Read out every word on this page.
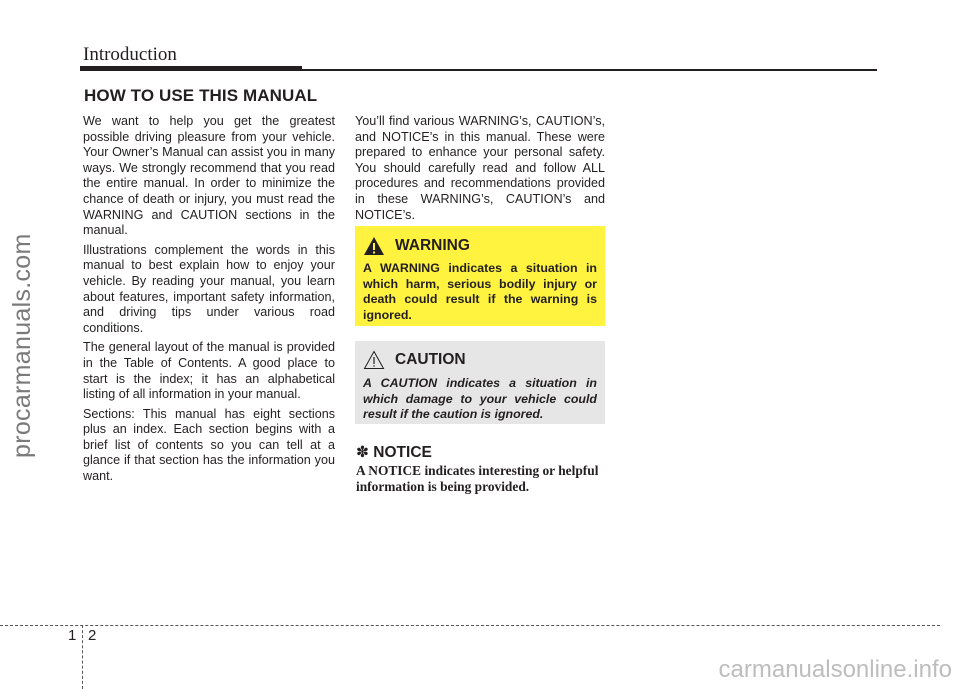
Introduction
HOW TO USE THIS MANUAL

We want to help you get the greatest possible driving pleasure from your vehicle. Your Owner’s Manual can assist you in many ways. We strongly recommend that you read the entire manual. In order to minimize the chance of death or injury, you must read the WARNING and CAUTION sections in the manual.

Illustrations complement the words in this manual to best explain how to enjoy your vehicle. By reading your manual, you learn about features, important safety information, and driving tips under various road conditions.

The general layout of the manual is provided in the Table of Contents. A good place to start is the index; it has an alphabetical listing of all information in your manual.

Sections: This manual has eight sections plus an index. Each section begins with a brief list of contents so you can tell at a glance if that section has the information you want.

You’ll find various WARNING’s, CAUTION’s, and NOTICE’s in this manual. These were prepared to enhance your personal safety. You should carefully read and follow ALL procedures and recommendations provided in these WARNING’s, CAUTION’s and NOTICE’s.

WARNING
A WARNING indicates a situation in which harm, serious bodily injury or death could result if the warning is ignored.
CAUTION
A CAUTION indicates a situation in which damage to your vehicle could result if the caution is ignored.
✽ NOTICE
A NOTICE indicates interesting or helpful information is being provided.
1 2
procarmanuals.com
carmanualsonline.info
